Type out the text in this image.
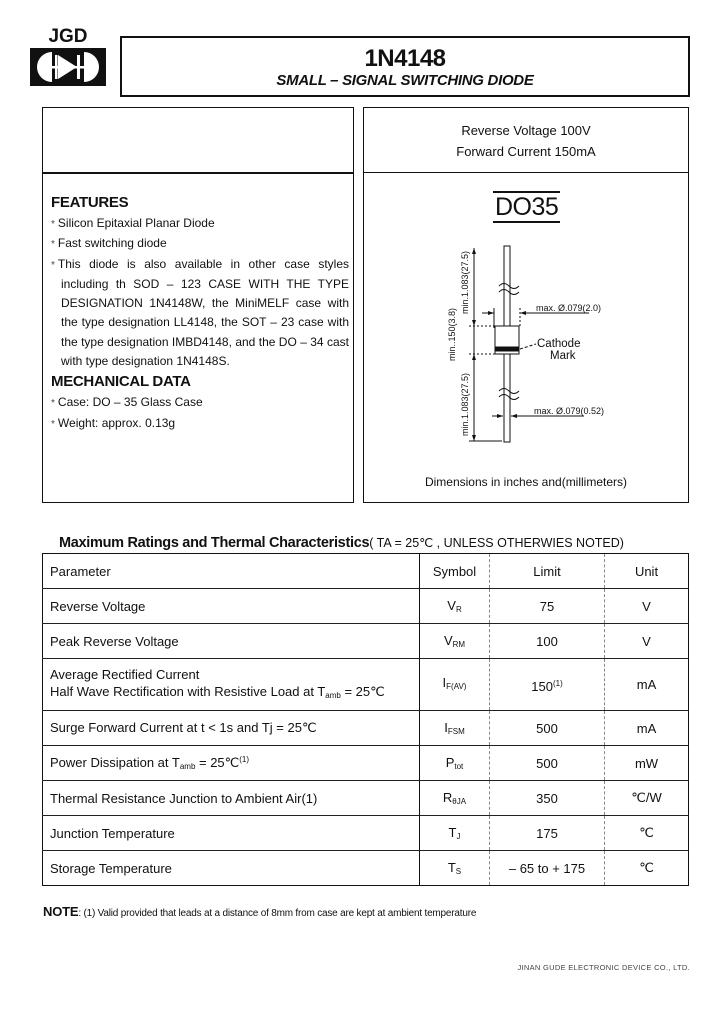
JGD
1N4148
SMALL – SIGNAL SWITCHING DIODE
FEATURES
* Silicon Epitaxial Planar Diode
* Fast switching diode
* This diode is also available in other case styles including th SOD – 123 CASE WITH THE TYPE DESIGNATION 1N4148W, the MiniMELF case with the type designation LL4148, the SOT – 23 case with the type designation IMBD4148, and the DO – 34 cast with type designation 1N4148S.
MECHANICAL DATA
* Case: DO – 35 Glass Case
* Weight: approx. 0.13g
Reverse Voltage 100V
Forward Current 150mA
DO35
min.1.083(27.5)
min..150(3.8)
min.1.083(27.5)
max. Ø.079(2.0)
max. Ø.079(0.52)
Cathode
Mark
Dimensions in inches and(millimeters)
Maximum Ratings and Thermal Characteristics( TA = 25℃ , UNLESS OTHERWIES NOTED)
Parameter	Symbol	Limit	Unit
Reverse Voltage	$V_R$	75	V
Peak Reverse Voltage	$V_{RM}$	100	V

Average Rectified Current
Half Wave Rectification with Resistive Load at $T_{amb}$ = 25℃	$I_{F(AV)}$	150$^{(1)}$	mA
Surge Forward Current at t < 1s and Tj = 25℃	$I_{FSM}$	500	mA
Power Dissipation at $T_{amb}$ = 25℃$^{(1)}$	$P_{tot}$	500	mW
Thermal Resistance Junction to Ambient Air(1)	$R_{\theta JA}$	350	℃/W
Junction Temperature	$T_J$	175	℃
Storage Temperature	$T_S$	– 65 to + 175	℃
NOTE: (1) Valid provided that leads at a distance of 8mm from case are kept at ambient temperature
JINAN GUDE ELECTRONIC DEVICE CO., LTD.
